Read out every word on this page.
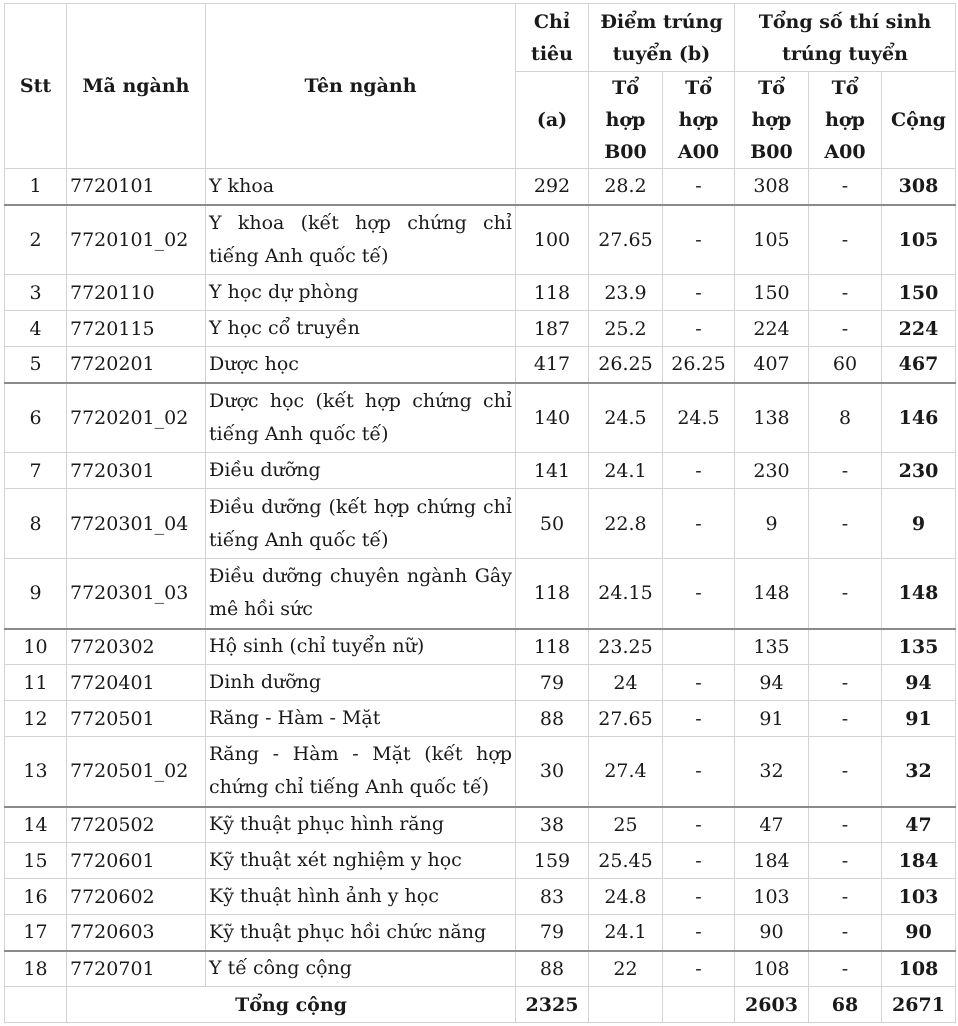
Stt	Mã ngành	Tên ngành	Chỉ tiêu	Điểm trúng tuyển (b)		Tổng số thí sinh trúng tuyển		
			(a)	Tổ hợp B00	Tổ hợp A00	Tổ hợp B00	Tổ hợp A00	Cộng
1	7720101	Y khoa	292	28.2	-	308	-	308
2	7720101_02	Y khoa (kết hợp chứng chỉ tiếng Anh quốc tế)	100	27.65	-	105	-	105
3	7720110	Y học dự phòng	118	23.9	-	150	-	150
4	7720115	Y học cổ truyền	187	25.2	-	224	-	224
5	7720201	Dược học	417	26.25	26.25	407	60	467
6	7720201_02	Dược học (kết hợp chứng chỉ tiếng Anh quốc tế)	140	24.5	24.5	138	8	146
7	7720301	Điều dưỡng	141	24.1	-	230	-	230
8	7720301_04	Điều dưỡng (kết hợp chứng chỉ tiếng Anh quốc tế)	50	22.8	-	9	-	9
9	7720301_03	Điều dưỡng chuyên ngành Gây mê hồi sức	118	24.15	-	148	-	148
10	7720302	Hộ sinh (chỉ tuyển nữ)	118	23.25		135		135
11	7720401	Dinh dưỡng	79	24	-	94	-	94
12	7720501	Răng - Hàm - Mặt	88	27.65	-	91	-	91
13	7720501_02	Răng - Hàm - Mặt (kết hợp chứng chỉ tiếng Anh quốc tế)	30	27.4	-	32	-	32
14	7720502	Kỹ thuật phục hình răng	38	25	-	47	-	47
15	7720601	Kỹ thuật xét nghiệm y học	159	25.45	-	184	-	184
16	7720602	Kỹ thuật hình ảnh y học	83	24.8	-	103	-	103
17	7720603	Kỹ thuật phục hồi chức năng	79	24.1	-	90	-	90
18	7720701	Y tế công cộng	88	22	-	108	-	108
	Tổng cộng		2325			2603	68	2671
